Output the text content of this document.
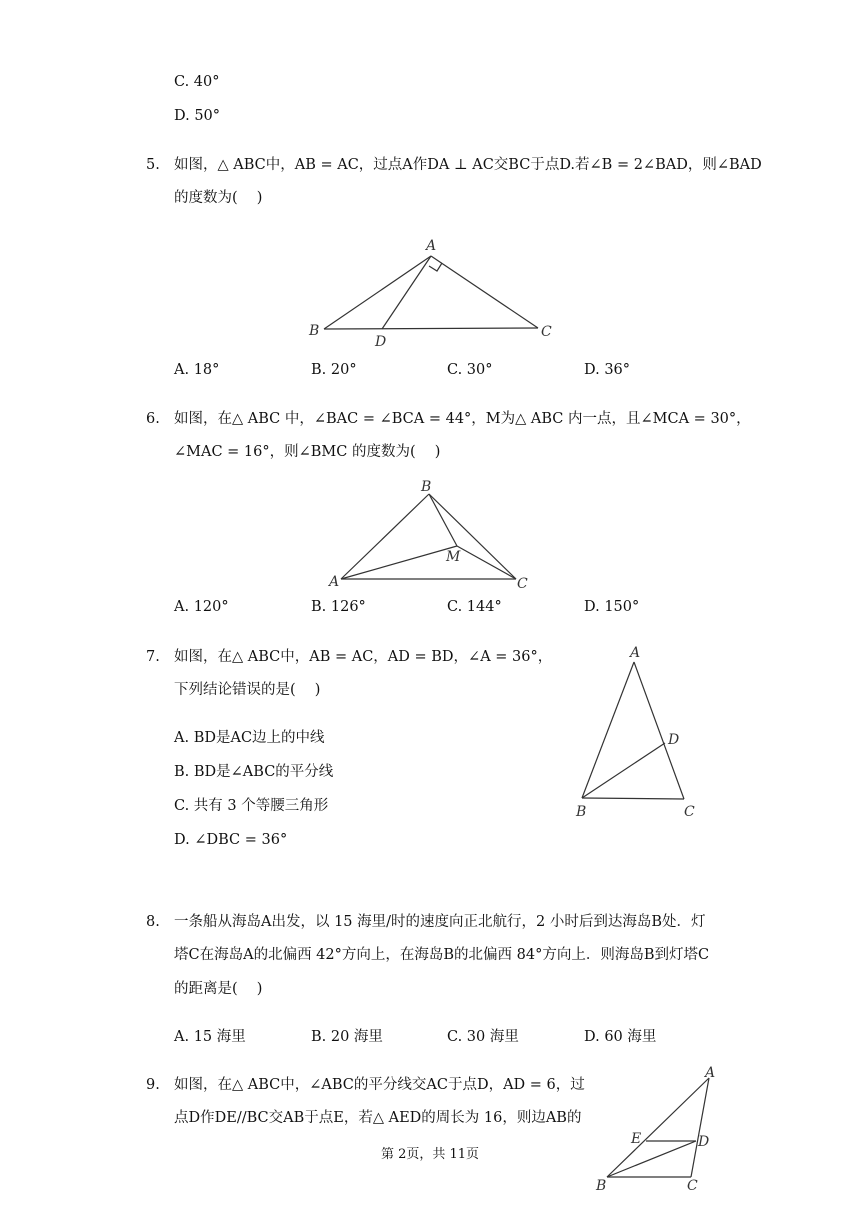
C. 40°
D. 50°
5. 如图，△ ABC中，AB = AC，过点A作DA ⊥ AC交BC于点D.若∠B = 2∠BAD，则∠BAD
的度数为(　 )
A
B
D
C
A. 18°	B. 20°	C. 30°	D. 36°
6. 如图，在△ ABC 中，∠BAC = ∠BCA = 44°，M为△ ABC 内一点，且∠MCA = 30°，
∠MAC = 16°，则∠BMC 的度数为(　 )
B
M
A	C
A. 120°	B. 126°	C. 144°	D. 150°
7. 如图，在△ ABC中，AB = AC，AD = BD，∠A = 36°，
下列结论错误的是(　 )
A
D
B	C
A. BD是AC边上的中线
B. BD是∠ABC的平分线
C. 共有 3 个等腰三角形
D. ∠DBC = 36°
8. 一条船从海岛A出发，以 15 海里/时的速度向正北航行，2 小时后到达海岛B处．灯
塔C在海岛A的北偏西 42°方向上，在海岛B的北偏西 84°方向上．则海岛B到灯塔C
的距离是(　 )
A. 15 海里	B. 20 海里	C. 30 海里	D. 60 海里
9. 如图，在△ ABC中，∠ABC的平分线交AC于点D，AD = 6，过
点D作DE//BC交AB于点E，若△ AED的周长为 16，则边AB的
A
E	D
B	C
第 2页，共 11页
